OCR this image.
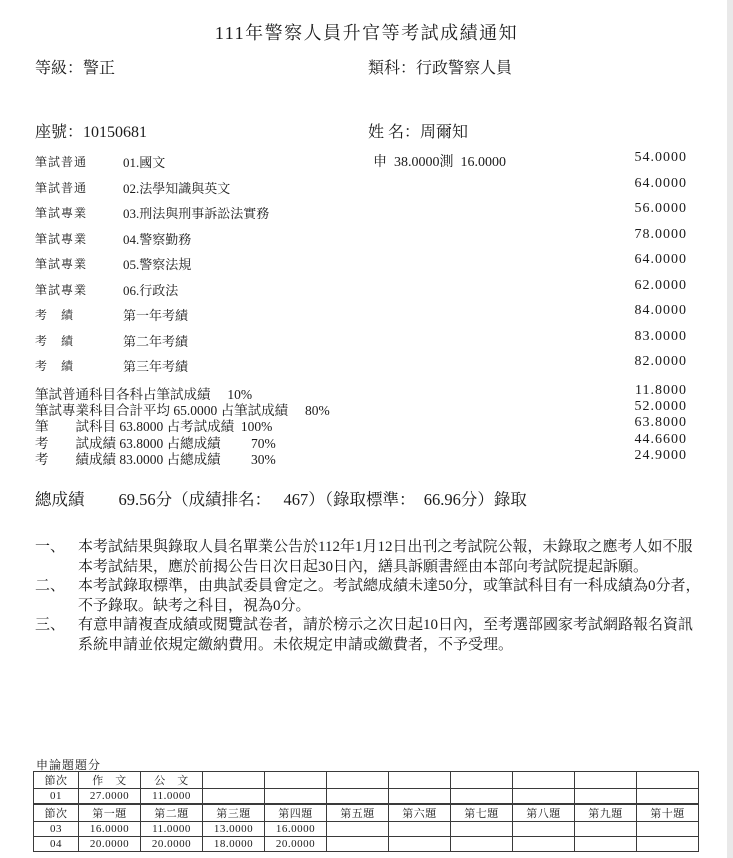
111年警察人員升官等考試成績通知
等級：警正	類科：行政警察人員
座號：10150681	姓 名：周爾知
筆試普通	01.國文	申  38.0000測  16.0000	54.0000
筆試普通	02.法學知識與英文	64.0000
筆試專業	03.刑法與刑事訴訟法實務	56.0000
筆試專業	04.警察勤務	78.0000
筆試專業	05.警察法規	64.0000
筆試專業	06.行政法	62.0000
考　績	第一年考績	84.0000
考　績	第二年考績	83.0000
考　績	第三年考績	82.0000
筆試普通科目各科占筆試成績　 10%	11.8000
筆試專業科目合計平均 65.0000 占筆試成績　 80%	52.0000
筆　　試科目 63.8000 占考試成績  100%	63.8000
考　　試成績 63.8000 占總成績　　 70%	44.6600
考　　績成績 83.0000 占總成績　　 30%	24.9000
總成績 69.56分（成績排名：　 467）（錄取標準：  66.96分）錄取
一、 本考試結果與錄取人員名單業公告於112年1月12日出刊之考試院公報，未錄取之應考人如不服本考試結果，應於前揭公告日次日起30日內，繕具訴願書經由本部向考試院提起訴願。
二、 本考試錄取標準，由典試委員會定之。考試總成績未達50分，或筆試科目有一科成績為0分者，不予錄取。缺考之科目，視為0分。
三、 有意申請複查成績或閱覽試卷者，請於榜示之次日起10日內，至考選部國家考試網路報名資訊系統申請並依規定繳納費用。未依規定申請或繳費者，不予受理。
申論題題分
節次	作　文	公　文								
01	27.0000	11.0000								
節次	第一題	第二題	第三題	第四題	第五題	第六題	第七題	第八題	第九題	第十題
03	16.0000	11.0000	13.0000	16.0000						
04	20.0000	20.0000	18.0000	20.0000						
